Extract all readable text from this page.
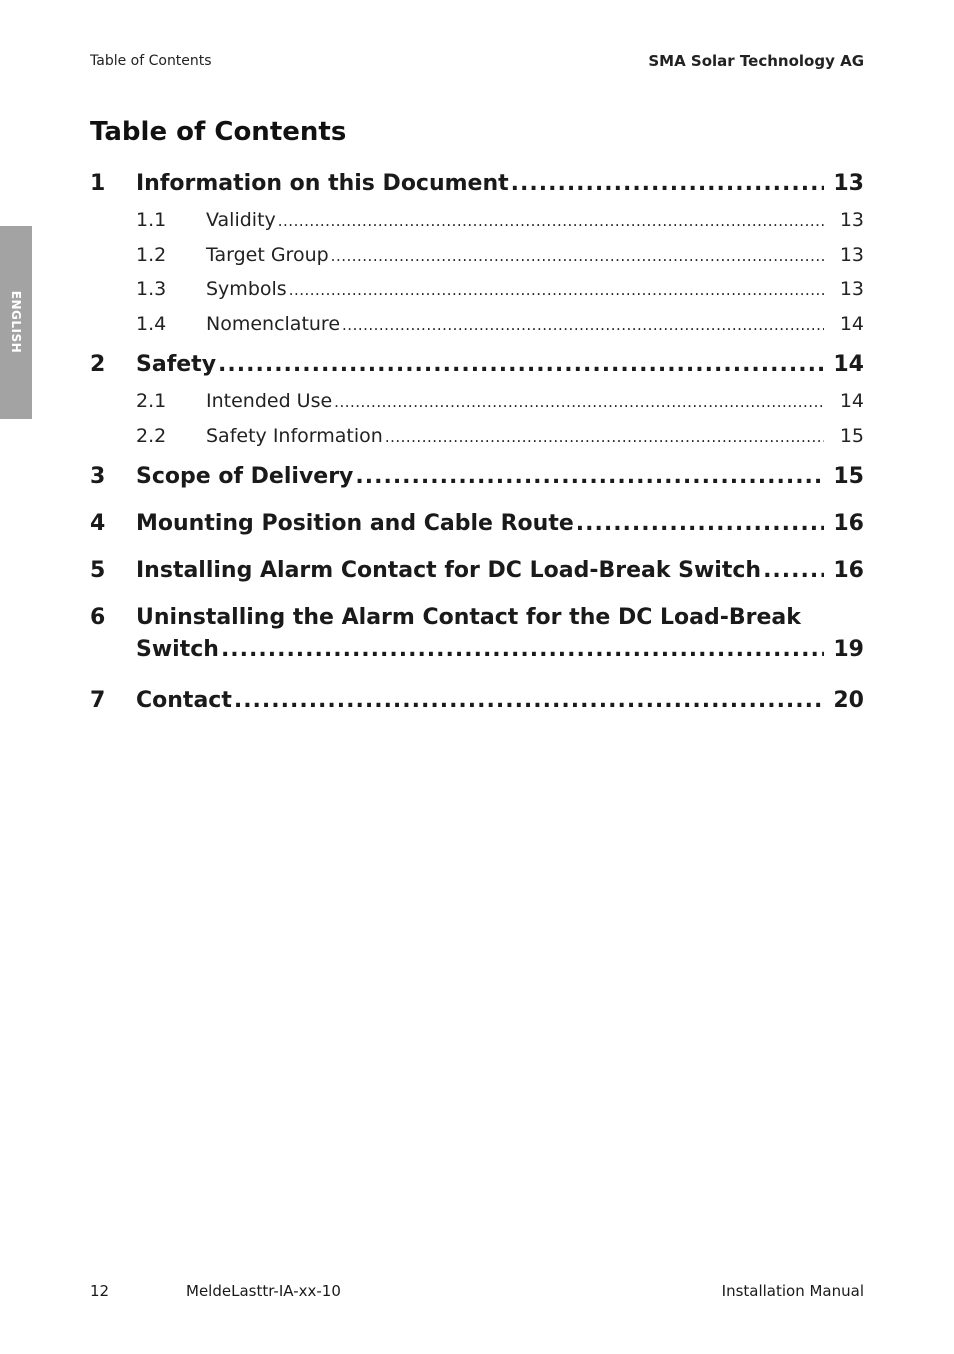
ENGLISH
Table of Contents	SMA Solar Technology AG
Table of Contents
1	Information on this Document .....	13
1.1	Validity .....	13
1.2	Target Group .....	13
1.3	Symbols .....	13
1.4	Nomenclature .....	14
2	Safety .....	14
2.1	Intended Use .....	14
2.2	Safety Information .....	15
3	Scope of Delivery .....	15
4	Mounting Position and Cable Route .....	16
5	Installing Alarm Contact for DC Load-Break Switch .....	16
6	Uninstalling the Alarm Contact for the DC Load-Break
Switch .....	19
7	Contact .....	20
12	MeldeLasttr-IA-xx-10	Installation Manual
